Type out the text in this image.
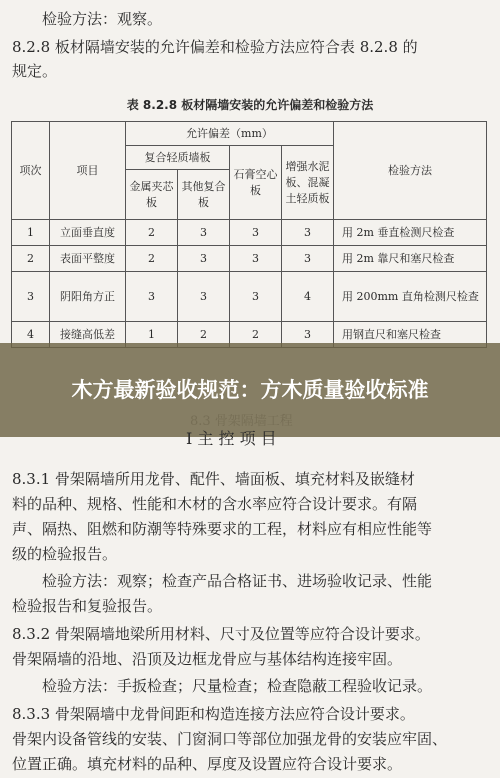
检验方法：观察。
8.2.8 板材隔墙安装的允许偏差和检验方法应符合表 8.2.8 的
规定。
表 8.2.8 板材隔墙安装的允许偏差和检验方法
项次	项目	允许偏差（mm）				检验方法
		复合轻质墙板		石膏空心板	增强水泥板、混凝土轻质板	
		金属夹芯板	其他复合板			
1	立面垂直度	2	3	3	3	用 2m 垂直检测尺检查
2	表面平整度	2	3	3	3	用 2m 靠尺和塞尺检查
3	阴阳角方正	3	3	3	4	用 200mm 直角检测尺检查
4	接缝高低差	1	2	2	3	用钢直尺和塞尺检查
木方最新验收规范：方木质量验收标准
Ⅰ 主 控 项 目
8.3.1 骨架隔墙所用龙骨、配件、墙面板、填充材料及嵌缝材
料的品种、规格、性能和木材的含水率应符合设计要求。有隔
声、隔热、阻燃和防潮等特殊要求的工程，材料应有相应性能等
级的检验报告。
检验方法：观察；检查产品合格证书、进场验收记录、性能
检验报告和复验报告。
8.3.2 骨架隔墙地梁所用材料、尺寸及位置等应符合设计要求。
骨架隔墙的沿地、沿顶及边框龙骨应与基体结构连接牢固。
检验方法：手扳检查；尺量检查；检查隐蔽工程验收记录。
8.3.3 骨架隔墙中龙骨间距和构造连接方法应符合设计要求。
骨架内设备管线的安装、门窗洞口等部位加强龙骨的安装应牢固、
位置正确。填充材料的品种、厚度及设置应符合设计要求。
